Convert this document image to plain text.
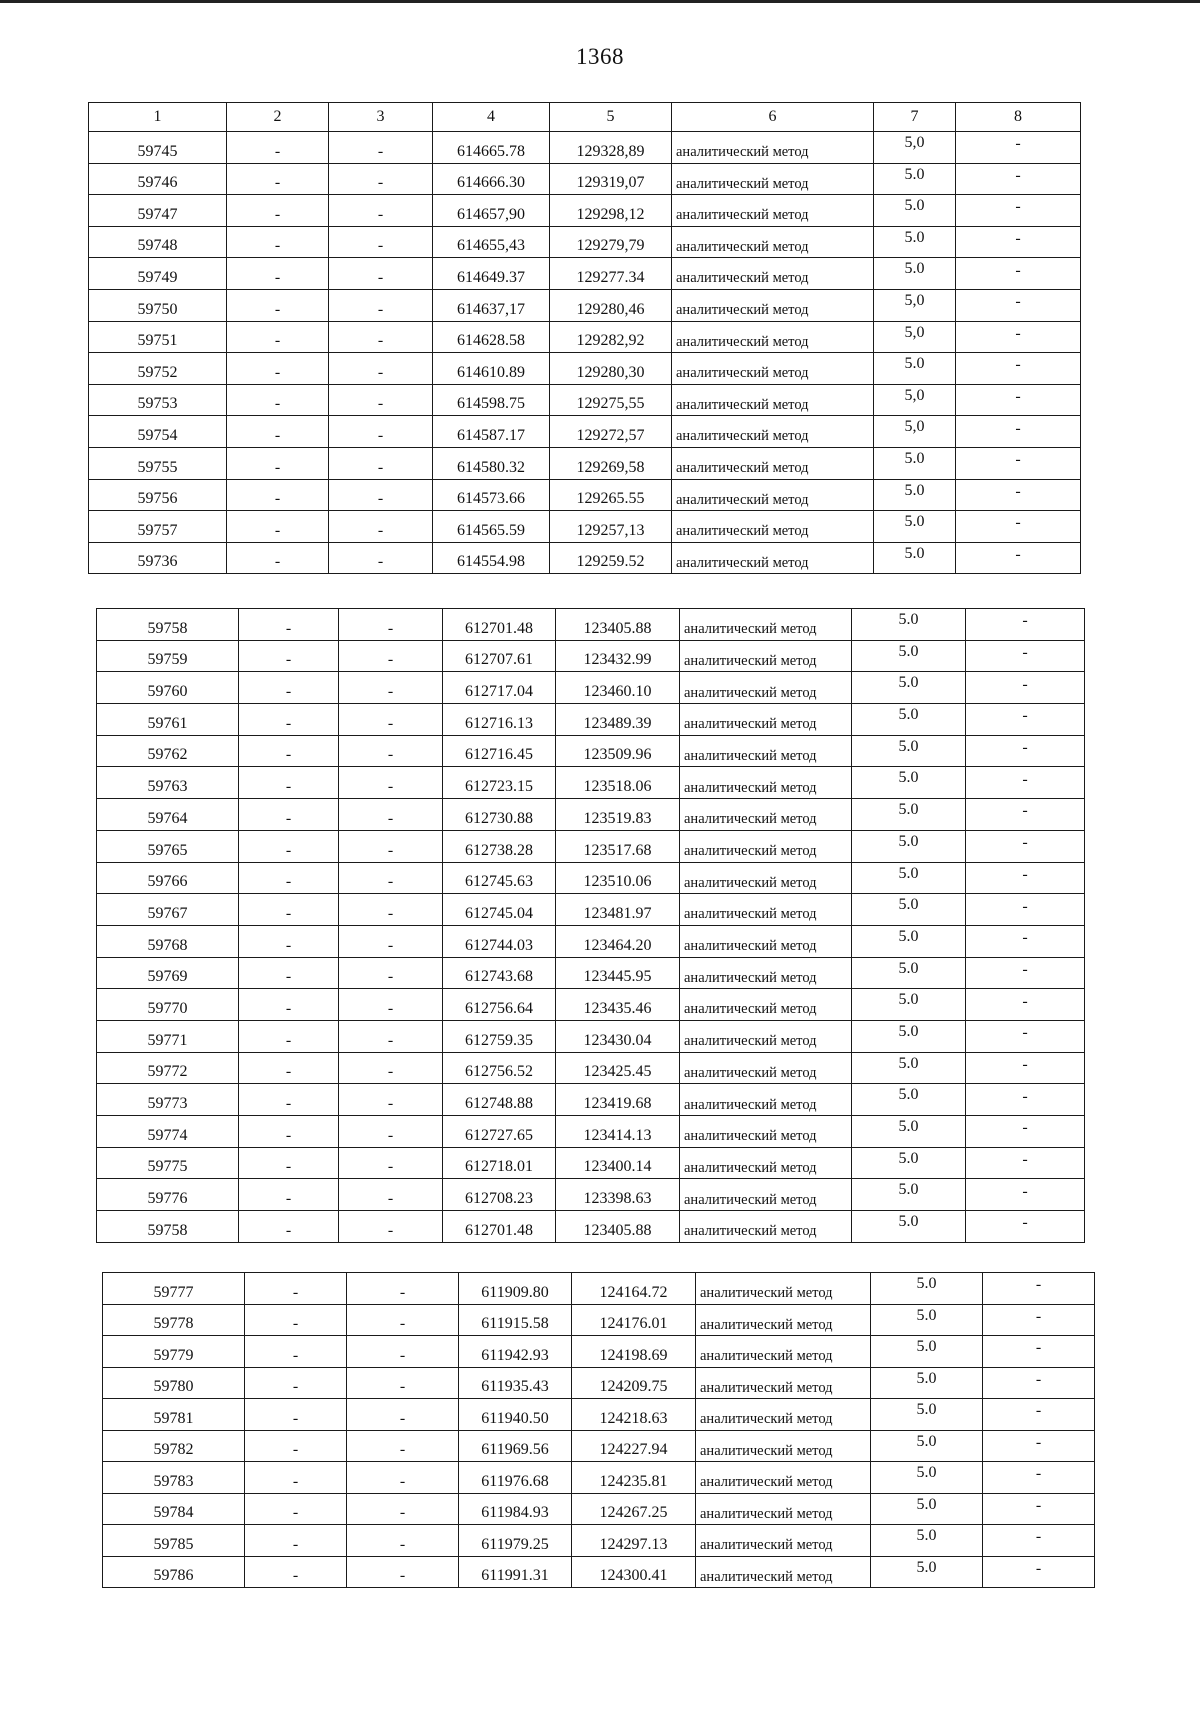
1368
1	2	3	4	5	6	7	8
59745	-	-	614665.78	129328,89	аналитический метод	5,0	-
59746	-	-	614666.30	129319,07	аналитический метод	5.0	-
59747	-	-	614657,90	129298,12	аналитический метод	5.0	-
59748	-	-	614655,43	129279,79	аналитический метод	5.0	-
59749	-	-	614649.37	129277.34	аналитический метод	5.0	-
59750	-	-	614637,17	129280,46	аналитический метод	5,0	-
59751	-	-	614628.58	129282,92	аналитический метод	5,0	-
59752	-	-	614610.89	129280,30	аналитический метод	5.0	-
59753	-	-	614598.75	129275,55	аналитический метод	5,0	-
59754	-	-	614587.17	129272,57	аналитический метод	5,0	-
59755	-	-	614580.32	129269,58	аналитический метод	5.0	-
59756	-	-	614573.66	129265.55	аналитический метод	5.0	-
59757	-	-	614565.59	129257,13	аналитический метод	5.0	-
59736	-	-	614554.98	129259.52	аналитический метод	5.0	-
59758	-	-	612701.48	123405.88	аналитический метод	5.0	-
59759	-	-	612707.61	123432.99	аналитический метод	5.0	-
59760	-	-	612717.04	123460.10	аналитический метод	5.0	-
59761	-	-	612716.13	123489.39	аналитический метод	5.0	-
59762	-	-	612716.45	123509.96	аналитический метод	5.0	-
59763	-	-	612723.15	123518.06	аналитический метод	5.0	-
59764	-	-	612730.88	123519.83	аналитический метод	5.0	-
59765	-	-	612738.28	123517.68	аналитический метод	5.0	-
59766	-	-	612745.63	123510.06	аналитический метод	5.0	-
59767	-	-	612745.04	123481.97	аналитический метод	5.0	-
59768	-	-	612744.03	123464.20	аналитический метод	5.0	-
59769	-	-	612743.68	123445.95	аналитический метод	5.0	-
59770	-	-	612756.64	123435.46	аналитический метод	5.0	-
59771	-	-	612759.35	123430.04	аналитический метод	5.0	-
59772	-	-	612756.52	123425.45	аналитический метод	5.0	-
59773	-	-	612748.88	123419.68	аналитический метод	5.0	-
59774	-	-	612727.65	123414.13	аналитический метод	5.0	-
59775	-	-	612718.01	123400.14	аналитический метод	5.0	-
59776	-	-	612708.23	123398.63	аналитический метод	5.0	-
59758	-	-	612701.48	123405.88	аналитический метод	5.0	-
59777	-	-	611909.80	124164.72	аналитический метод	5.0	-
59778	-	-	611915.58	124176.01	аналитический метод	5.0	-
59779	-	-	611942.93	124198.69	аналитический метод	5.0	-
59780	-	-	611935.43	124209.75	аналитический метод	5.0	-
59781	-	-	611940.50	124218.63	аналитический метод	5.0	-
59782	-	-	611969.56	124227.94	аналитический метод	5.0	-
59783	-	-	611976.68	124235.81	аналитический метод	5.0	-
59784	-	-	611984.93	124267.25	аналитический метод	5.0	-
59785	-	-	611979.25	124297.13	аналитический метод	5.0	-
59786	-	-	611991.31	124300.41	аналитический метод	5.0	-
